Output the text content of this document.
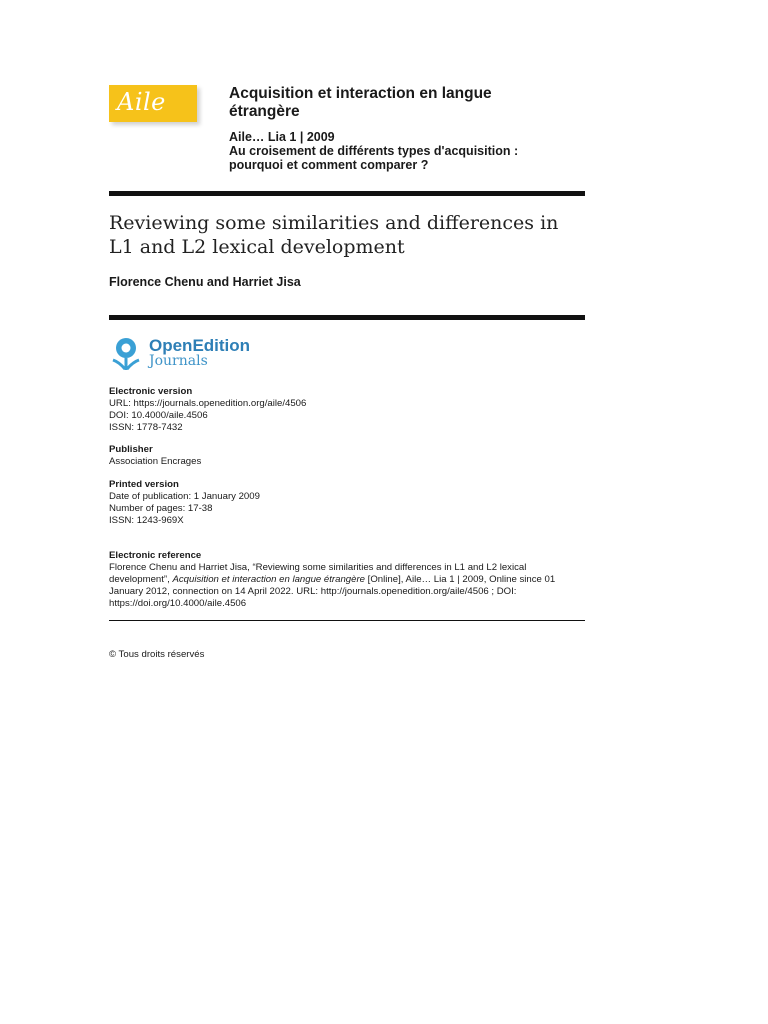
Aile	Acquisition et interaction en langue étrangère
Aile… Lia 1 | 2009
Au croisement de différents types d'acquisition : pourquoi et comment comparer ?
Reviewing some similarities and differences in L1 and L2 lexical development
Florence Chenu and Harriet Jisa
OpenEdition
Journals
Electronic version
URL: https://journals.openedition.org/aile/4506
DOI: 10.4000/aile.4506
ISSN: 1778-7432
Publisher
Association Encrages
Printed version
Date of publication: 1 January 2009
Number of pages: 17-38
ISSN: 1243-969X
Electronic reference
Florence Chenu and Harriet Jisa, “Reviewing some similarities and differences in L1 and L2 lexical development”, Acquisition et interaction en langue étrangère [Online], Aile… Lia 1 | 2009, Online since 01 January 2012, connection on 14 April 2022. URL: http://journals.openedition.org/aile/4506 ; DOI: https://doi.org/10.4000/aile.4506
© Tous droits réservés
